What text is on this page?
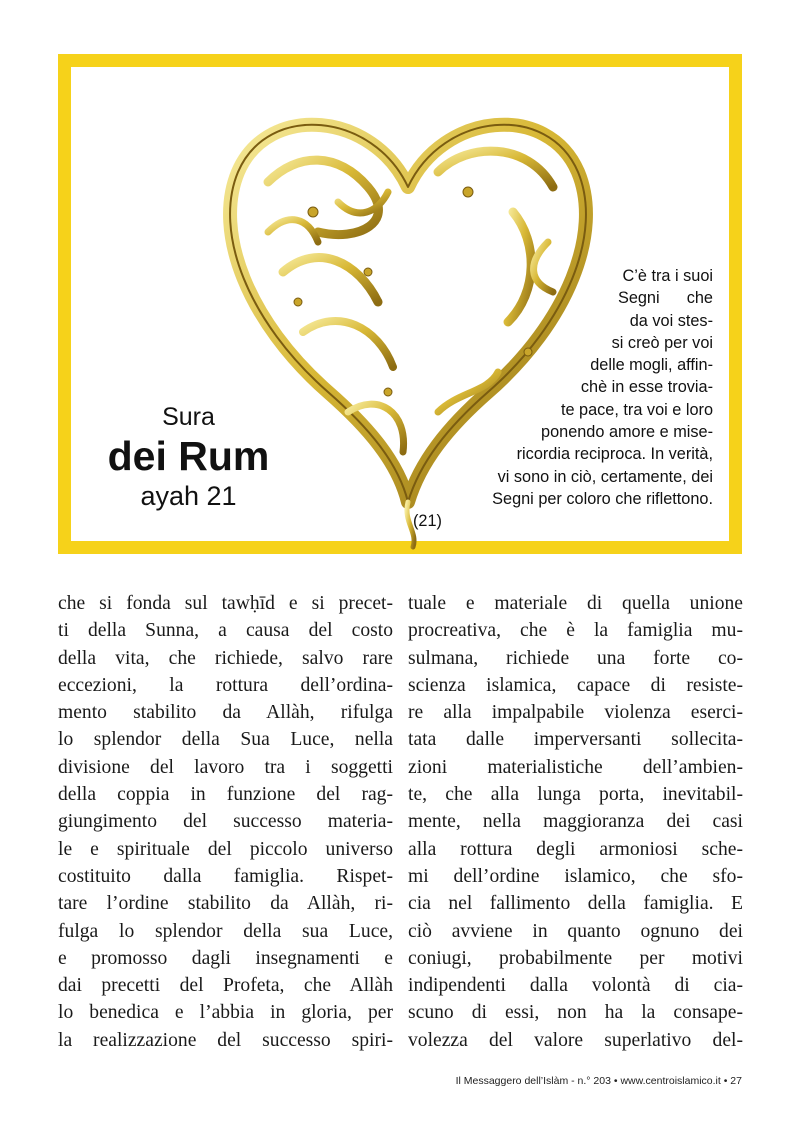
Sura
dei Rum
ayah 21
C’è tra i suoi
Segni      che
da voi stes-
si creò per voi
delle mogli, affin-
chè in esse trovia-
te pace, tra voi e loro
ponendo amore e mise-
ricordia reciproca. In verità,
vi sono in ciò, certamente, dei
Segni per coloro che riflettono.
(21)
che si fonda sul tawḥīd e si precet-
ti della Sunna, a causa del costo
della vita, che richiede, salvo rare
eccezioni, la rottura dell’ordina-
mento stabilito da Allàh, rifulga
lo splendor della Sua Luce, nella
divisione del lavoro tra i soggetti
della coppia in funzione del rag-
giungimento del successo materia-
le e spirituale del piccolo universo
costituito dalla famiglia. Rispet-
tare l’ordine stabilito da Allàh, ri-
fulga lo splendor della sua Luce,
e promosso dagli insegnamenti e
dai precetti del Profeta, che Allàh
lo benedica e l’abbia in gloria, per
la realizzazione del successo spiri-
tuale e materiale di quella unione
procreativa, che è la famiglia mu-
sulmana, richiede una forte co-
scienza islamica, capace di resiste-
re alla impalpabile violenza eserci-
tata dalle imperversanti sollecita-
zioni materialistiche dell’ambien-
te, che alla lunga porta, inevitabil-
mente, nella maggioranza dei casi
alla rottura degli armoniosi sche-
mi dell’ordine islamico, che sfo-
cia nel fallimento della famiglia. E
ciò avviene in quanto ognuno dei
coniugi, probabilmente per motivi
indipendenti dalla volontà di cia-
scuno di essi, non ha la consape-
volezza del valore superlativo del-
Il Messaggero dell’Islàm - n.° 203 • www.centroislamico.it • 27
